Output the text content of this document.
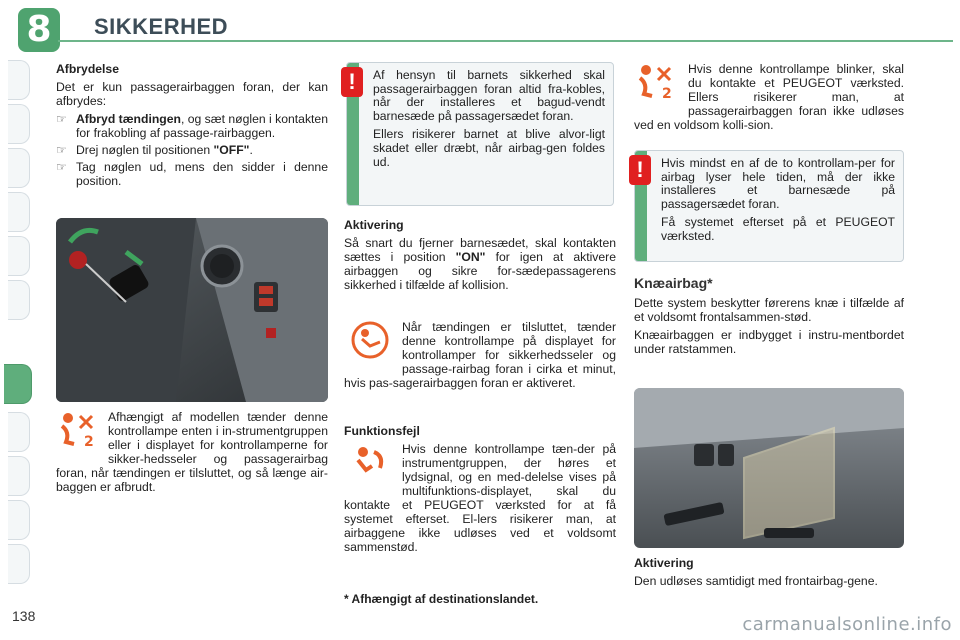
8	SIKKERHED
Afbrydelse

Det er kun passagerairbaggen foran, der kan afbrydes:

☞ Afbryd tændingen, og sæt nøglen i kontakten for frakobling af passage-rairbaggen.
☞ Drej nøglen til positionen "OFF".
☞ Tag nøglen ud, mens den sidder i denne position.
2

Afhængigt af modellen tænder denne kontrollampe enten i in-strumentgruppen eller i displayet for kontrollamperne for sikker-hedsseler og passagerairbag foran, når tændingen er tilsluttet, og så længe air-baggen er afbrudt.

!	Af hensyn til barnets sikkerhed skal passagerairbaggen foran altid fra-kobles, når der installeres et bagud-vendt barnesæde på passagersædet foran.

Ellers risikerer barnet at blive alvor-ligt skadet eller dræbt, når airbag-gen foldes ud.

Aktivering

Så snart du fjerner barnesædet, skal kontakten sættes i position "ON" for igen at aktivere airbaggen og sikre for-sædepassagerens sikkerhed i tilfælde af kollision.

Når tændingen er tilsluttet, tænder denne kontrollampe på displayet for kontrollamper for sikkerhedsseler og passage-rairbag foran i cirka et minut, hvis pas-sagerairbaggen foran er aktiveret.

Funktionsfejl

Hvis denne kontrollampe tæn-der på instrumentgruppen, der høres et lydsignal, og en med-delelse vises på multifunktions-displayet, skal du kontakte et PEUGEOT værksted for at få systemet efterset. El-lers risikerer man, at airbaggene ikke udløses ved et voldsomt sammenstød.

* Afhængigt af destinationslandet.
2

Hvis denne kontrollampe blinker, skal du kontakte et PEUGEOT værksted. Ellers risikerer man, at passagerairbaggen foran ikke udløses ved en voldsom kolli-sion.

!	Hvis mindst en af de to kontrollam-per for airbag lyser hele tiden, må der ikke installeres et barnesæde på passagersædet foran.

Få systemet efterset på et PEUGEOT værksted.

Knæairbag*

Dette system beskytter førerens knæ i tilfælde af et voldsomt frontalsammen-stød.

Knæairbaggen er indbygget i instru-mentbordet under ratstammen.

Aktivering

Den udløses samtidigt med frontairbag-gene.

138	carmanualsonline.info
